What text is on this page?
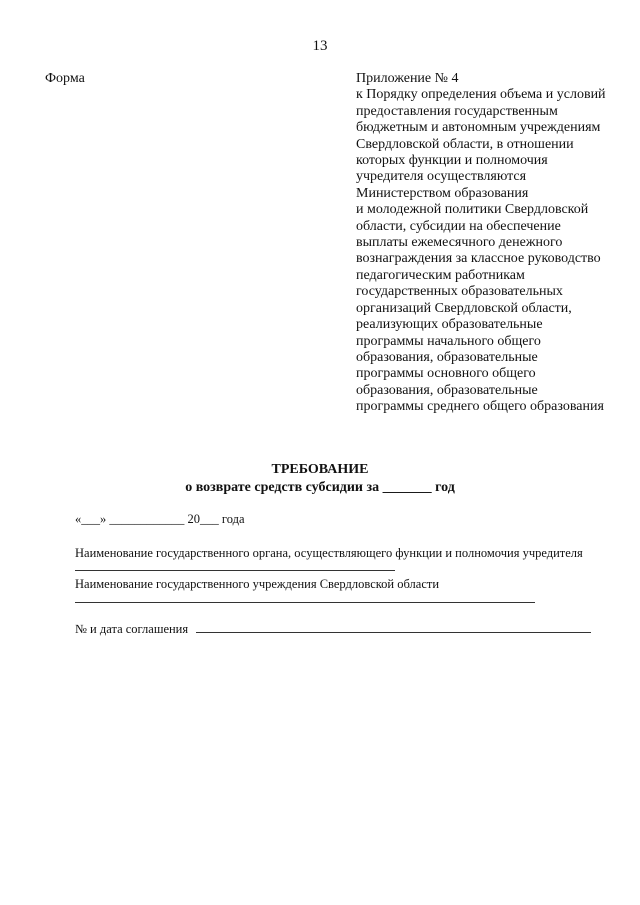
13
Форма	Приложение № 4
к Порядку определения объема и условий
предоставления государственным
бюджетным и автономным учреждениям
Свердловской области, в отношении
которых функции и полномочия
учредителя осуществляются
Министерством образования
и молодежной политики Свердловской
области, субсидии на обеспечение
выплаты ежемесячного денежного
вознаграждения за классное руководство
педагогическим работникам
государственных образовательных
организаций Свердловской области,
реализующих образовательные
программы начального общего
образования, образовательные
программы основного общего
образования, образовательные
программы среднего общего образования
ТРЕБОВАНИЕ
о возврате средств субсидии за _______ год
«___» ____________ 20___ года
Наименование государственного органа, осуществляющего функции и полномочия учредителя
Наименование государственного учреждения Свердловской области
№ и дата соглашения
